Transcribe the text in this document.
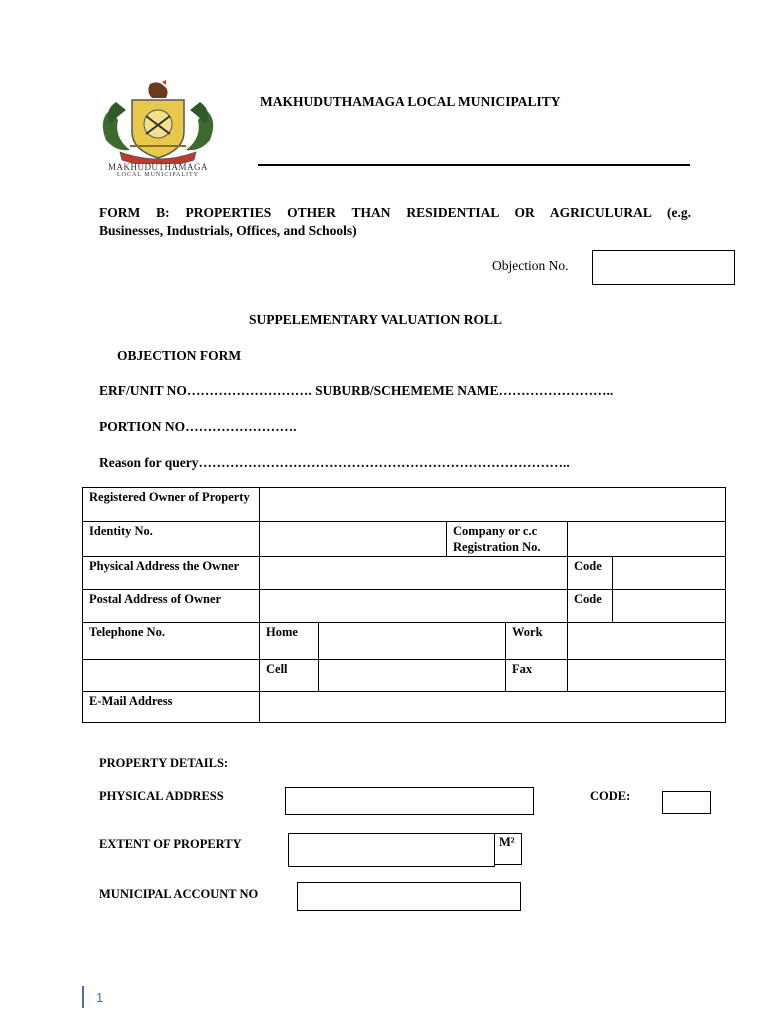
MAKHUDUTHAMAGA
LOCAL MUNICIPALITY
MAKHUDUTHAMAGA LOCAL MUNICIPALITY
FORM B: PROPERTIES OTHER THAN RESIDENTIAL OR AGRICULURAL (e.g.
Businesses, Industrials, Offices, and Schools)
Objection No.
SUPPELEMENTARY VALUATION ROLL
OBJECTION FORM
ERF/UNIT NO………………………. SUBURB/SCHEMEME NAME……………………..
PORTION NO…………………….
Reason for query………………………………………………………………………..
Registered Owner of Property						
Identity No.			Company or c.c Registration No.			
Physical Address the Owner					Code	
Postal Address of Owner					Code	
Telephone No.	Home			Work		
	Cell			Fax		
E-Mail Address						
PROPERTY DETAILS:
PHYSICAL ADDRESS	CODE:
EXTENT OF PROPERTY	M²
MUNICIPAL ACCOUNT NO
1
